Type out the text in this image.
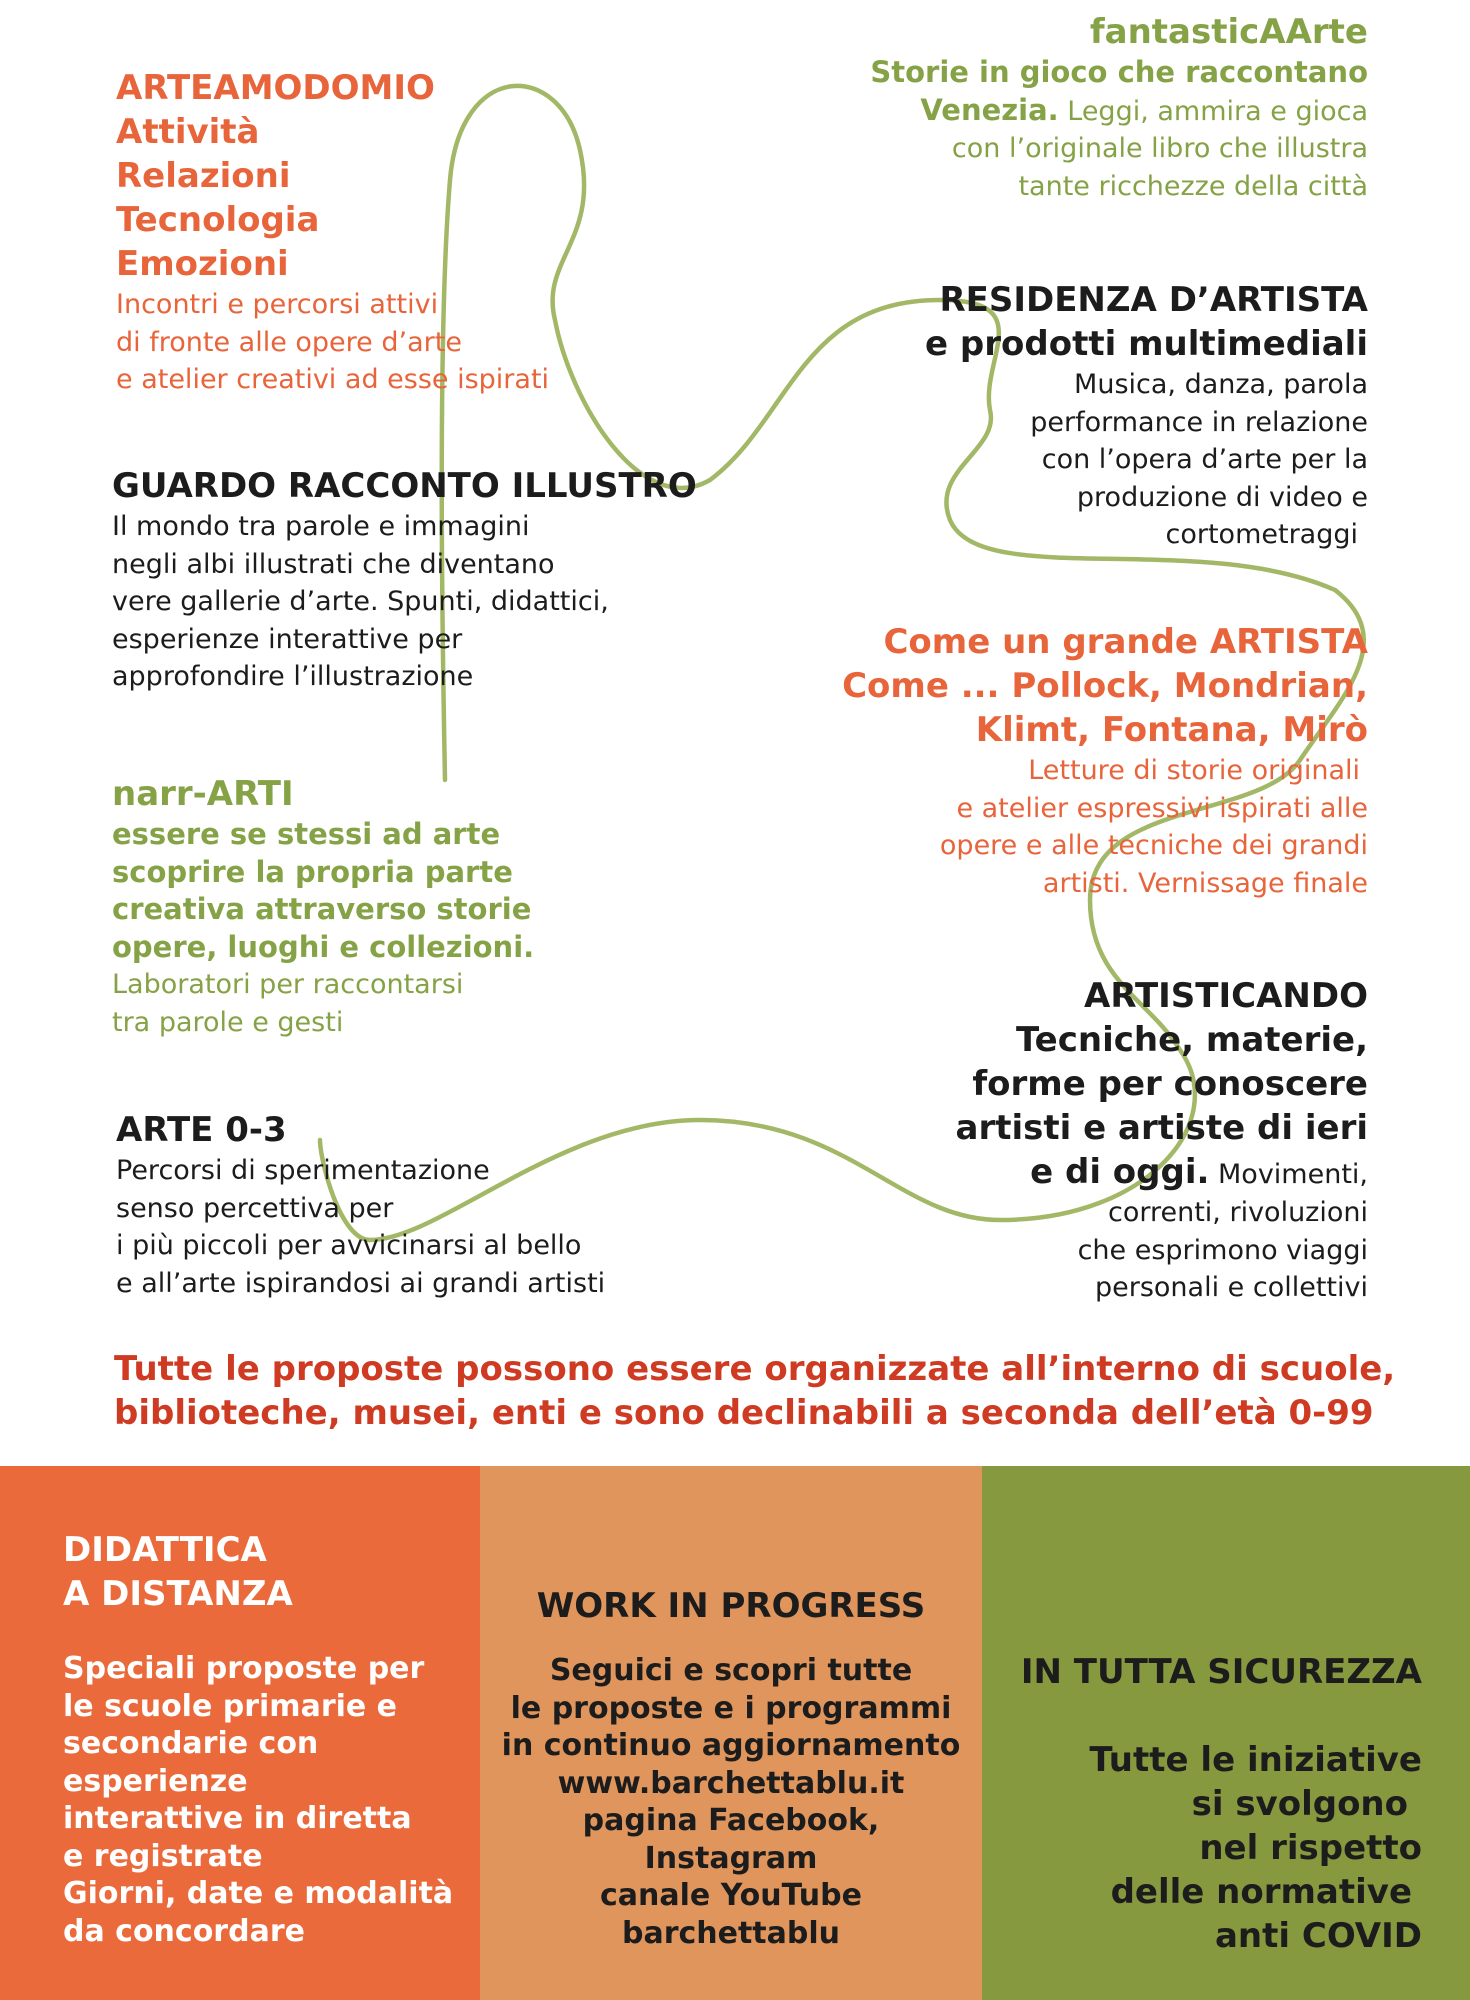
ARTEAMODOMIO
Attività
Relazioni
Tecnologia
Emozioni
Incontri e percorsi attivi
di fronte alle opere d’arte
e atelier creativi ad esse ispirati
fantasticAArte
Storie in gioco che raccontano
Venezia. Leggi, ammira e gioca
con l’originale libro che illustra
tante ricchezze della città
RESIDENZA D’ARTISTA
e prodotti multimediali
Musica, danza, parola
performance in relazione
con l’opera d’arte per la
produzione di video e
cortometraggi
GUARDO RACCONTO ILLUSTRO
Il mondo tra parole e immagini
negli albi illustrati che diventano
vere gallerie d’arte. Spunti, didattici,
esperienze interattive per
approfondire l’illustrazione
Come un grande ARTISTA
Come ... Pollock, Mondrian,
Klimt, Fontana, Mirò
Letture di storie originali
e atelier espressivi ispirati alle
opere e alle tecniche dei grandi
artisti. Vernissage finale
narr-ARTI
essere se stessi ad arte
scoprire la propria parte
creativa attraverso storie
opere, luoghi e collezioni.
Laboratori per raccontarsi
tra parole e gesti
ARTISTICANDO
Tecniche, materie,
forme per conoscere
artisti e artiste di ieri
e di oggi. Movimenti,
correnti, rivoluzioni
che esprimono viaggi
personali e collettivi
ARTE 0-3
Percorsi di sperimentazione
senso percettiva per
i più piccoli per avvicinarsi al bello
e all’arte ispirandosi ai grandi artisti
Tutte le proposte possono essere organizzate all’interno di scuole,
biblioteche, musei, enti e sono declinabili a seconda dell’età 0-99
DIDATTICA
A DISTANZA
Speciali proposte per
le scuole primarie e
secondarie con
esperienze
interattive in diretta
e registrate
Giorni, date e modalità
da concordare
WORK IN PROGRESS
Seguici e scopri tutte
le proposte e i programmi
in continuo aggiornamento
www.barchettablu.it
pagina Facebook,
Instagram
canale YouTube
barchettablu
IN TUTTA SICUREZZA
Tutte le iniziative
si svolgono
nel rispetto
delle normative
anti COVID
